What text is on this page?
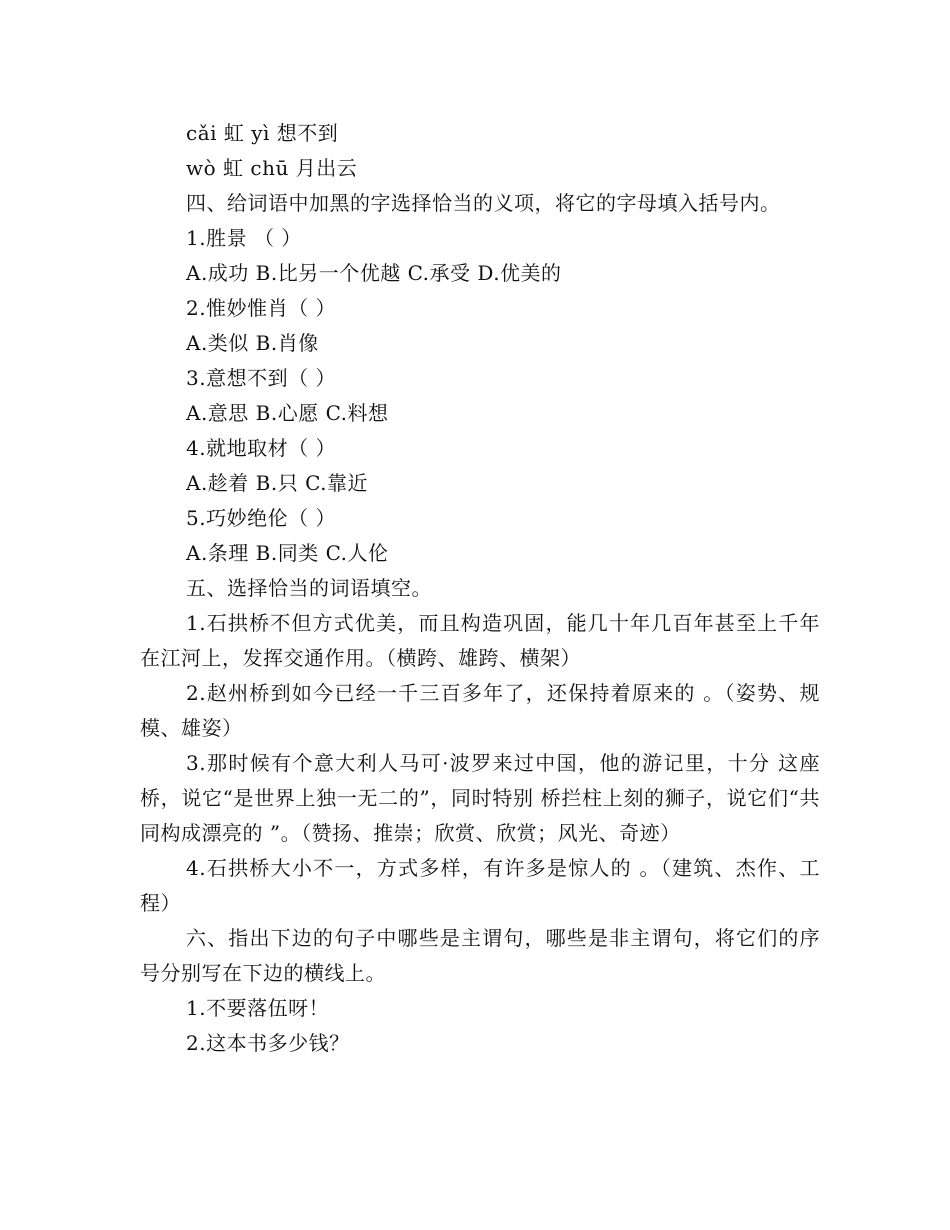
cǎi 虹 yì 想不到
wò 虹 chū 月出云
四、给词语中加黑的字选择恰当的义项，将它的字母填入括号内。
1.胜景 （ ）
A.成功 B.比另一个优越 C.承受 D.优美的
2.惟妙惟肖（ ）
A.类似 B.肖像
3.意想不到（ ）
A.意思 B.心愿 C.料想
4.就地取材（ ）
A.趁着 B.只 C.靠近
5.巧妙绝伦（ ）
A.条理 B.同类 C.人伦
五、选择恰当的词语填空。
1.石拱桥不但方式优美，而且构造巩固，能几十年几百年甚至上千年 在江河上，发挥交通作用。（横跨、雄跨、横架）
2.赵州桥到如今已经一千三百多年了，还保持着原来的 。（姿势、规模、雄姿）
3.那时候有个意大利人马可·波罗来过中国，他的游记里，十分 这座桥，说它“是世界上独一无二的”，同时特别 桥拦柱上刻的狮子，说它们“共同构成漂亮的 ”。（赞扬、推崇；欣赏、欣赏；风光、奇迹）
4.石拱桥大小不一，方式多样，有许多是惊人的 。（建筑、杰作、工程）
六、指出下边的句子中哪些是主谓句，哪些是非主谓句，将它们的序号分别写在下边的横线上。
1.不要落伍呀！
2.这本书多少钱？
